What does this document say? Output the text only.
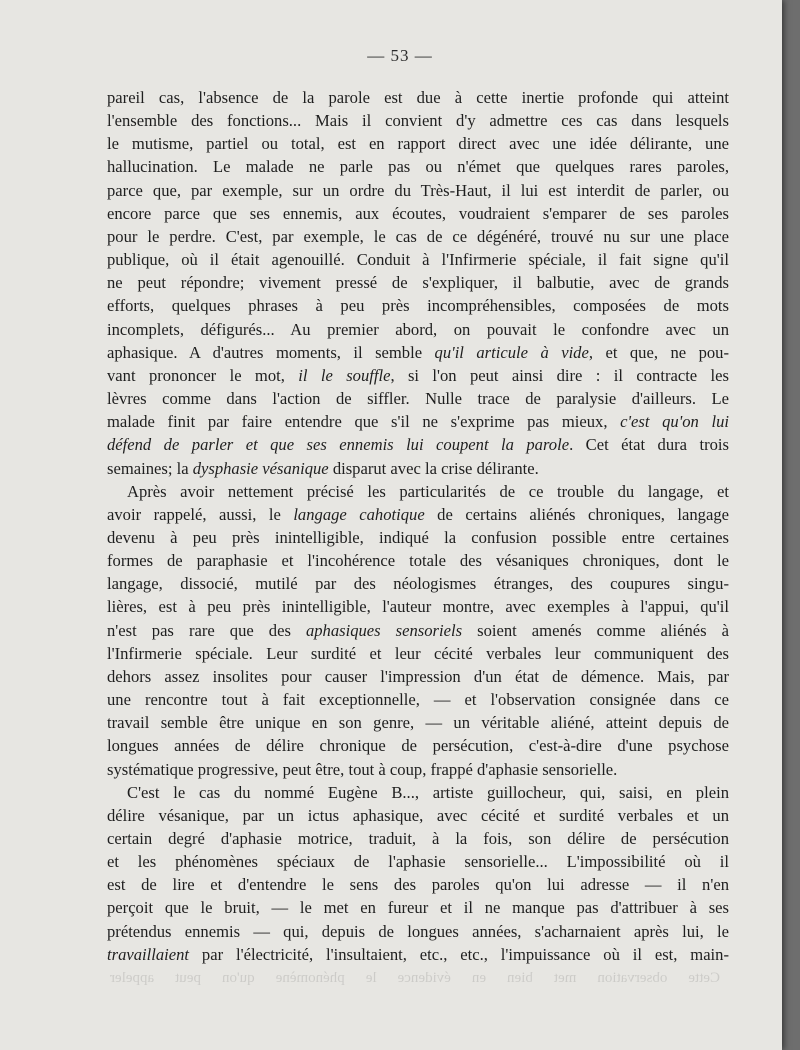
— 53 —
pareil cas, l'absence de la parole est due à cette inertie profonde qui atteint
l'ensemble des fonctions... Mais il convient d'y admettre ces cas dans lesquels
le mutisme, partiel ou total, est en rapport direct avec une idée délirante, une
hallucination. Le malade ne parle pas ou n'émet que quelques rares paroles,
parce que, par exemple, sur un ordre du Très-Haut, il lui est interdit de parler, ou
encore parce que ses ennemis, aux écoutes, voudraient s'emparer de ses paroles
pour le perdre. C'est, par exemple, le cas de ce dégénéré, trouvé nu sur une place
publique, où il était agenouillé. Conduit à l'Infirmerie spéciale, il fait signe qu'il
ne peut répondre; vivement pressé de s'expliquer, il balbutie, avec de grands
efforts, quelques phrases à peu près incompréhensibles, composées de mots
incomplets, défigurés... Au premier abord, on pouvait le confondre avec un
aphasique. A d'autres moments, il semble qu'il articule à vide, et que, ne pou-
vant prononcer le mot, il le souffle, si l'on peut ainsi dire : il contracte les
lèvres comme dans l'action de siffler. Nulle trace de paralysie d'ailleurs. Le
malade finit par faire entendre que s'il ne s'exprime pas mieux, c'est qu'on lui
défend de parler et que ses ennemis lui coupent la parole. Cet état dura trois
semaines; la dysphasie vésanique disparut avec la crise délirante.
Après avoir nettement précisé les particularités de ce trouble du langage, et
avoir rappelé, aussi, le langage cahotique de certains aliénés chroniques, langage
devenu à peu près inintelligible, indiqué la confusion possible entre certaines
formes de paraphasie et l'incohérence totale des vésaniques chroniques, dont le
langage, dissocié, mutilé par des néologismes étranges, des coupures singu-
lières, est à peu près inintelligible, l'auteur montre, avec exemples à l'appui, qu'il
n'est pas rare que des aphasiques sensoriels soient amenés comme aliénés à
l'Infirmerie spéciale. Leur surdité et leur cécité verbales leur communiquent des
dehors assez insolites pour causer l'impression d'un état de démence. Mais, par
une rencontre tout à fait exceptionnelle, — et l'observation consignée dans ce
travail semble être unique en son genre, — un véritable aliéné, atteint depuis de
longues années de délire chronique de persécution, c'est-à-dire d'une psychose
systématique progressive, peut être, tout à coup, frappé d'aphasie sensorielle.
C'est le cas du nommé Eugène B..., artiste guillocheur, qui, saisi, en plein
délire vésanique, par un ictus aphasique, avec cécité et surdité verbales et un
certain degré d'aphasie motrice, traduit, à la fois, son délire de persécution
et les phénomènes spéciaux de l'aphasie sensorielle... L'impossibilité où il
est de lire et d'entendre le sens des paroles qu'on lui adresse — il n'en
perçoit que le bruit, — le met en fureur et il ne manque pas d'attribuer à ses
prétendus ennemis — qui, depuis de longues années, s'acharnaient après lui, le
travaillaient par l'électricité, l'insultaient, etc., etc., l'impuissance où il est, main-
Cette observation met bien en évidence le phénomène qu'on peut appeler
